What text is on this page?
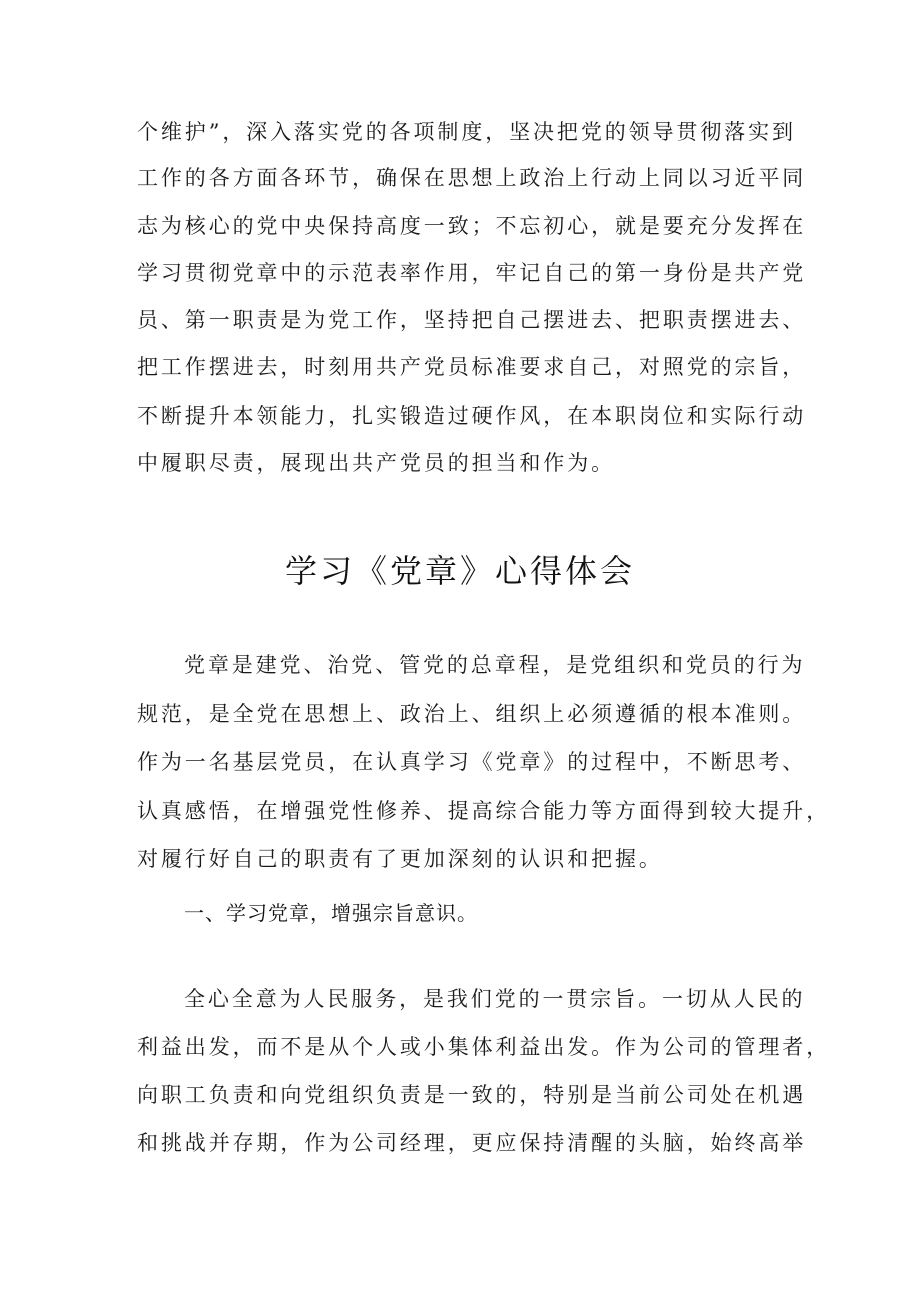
个维护”，深入落实党的各项制度，坚决把党的领导贯彻落实到
工作的各方面各环节，确保在思想上政治上行动上同以习近平同
志为核心的党中央保持高度一致；不忘初心，就是要充分发挥在
学习贯彻党章中的示范表率作用，牢记自己的第一身份是共产党
员、第一职责是为党工作，坚持把自己摆进去、把职责摆进去、
把工作摆进去，时刻用共产党员标准要求自己，对照党的宗旨，
不断提升本领能力，扎实锻造过硬作风，在本职岗位和实际行动
中履职尽责，展现出共产党员的担当和作为。
学习《党章》心得体会
党章是建党、治党、管党的总章程，是党组织和党员的行为
规范，是全党在思想上、政治上、组织上必须遵循的根本准则。
作为一名基层党员，在认真学习《党章》的过程中，不断思考、
认真感悟，在增强党性修养、提高综合能力等方面得到较大提升，
对履行好自己的职责有了更加深刻的认识和把握。
一、学习党章，增强宗旨意识。
全心全意为人民服务，是我们党的一贯宗旨。一切从人民的
利益出发，而不是从个人或小集体利益出发。作为公司的管理者，
向职工负责和向党组织负责是一致的，特别是当前公司处在机遇
和挑战并存期，作为公司经理，更应保持清醒的头脑，始终高举
